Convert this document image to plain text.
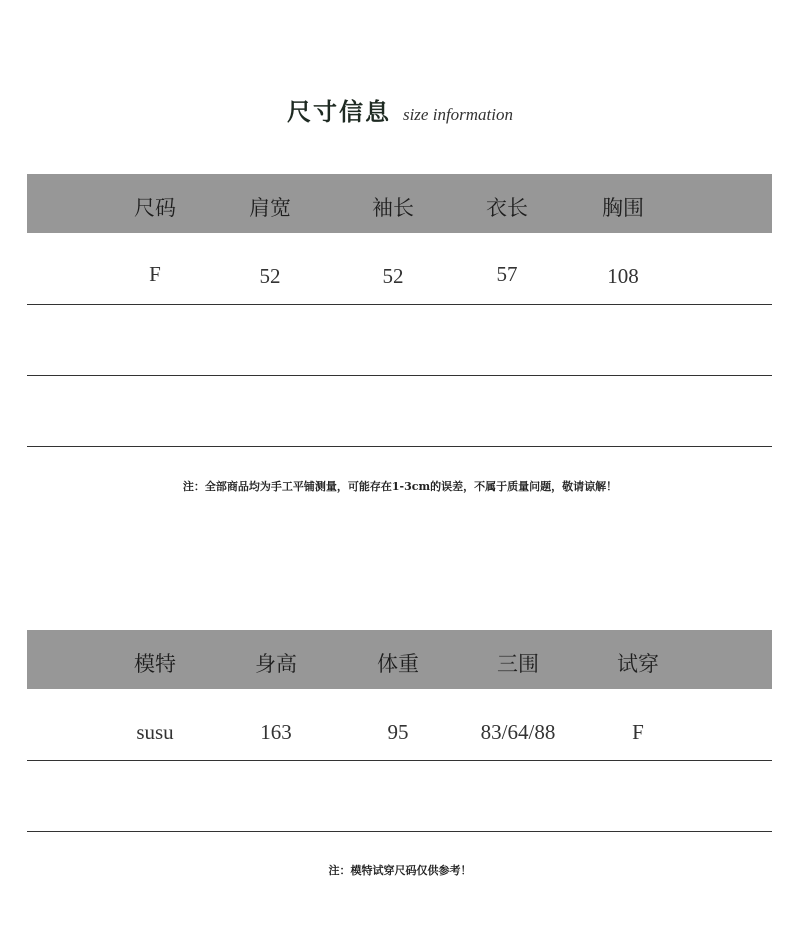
尺寸信息 size information
尺码	肩宽	袖长	衣长	胸围
F	52	52	57	108
注：全部商品均为手工平铺测量，可能存在1-3cm的误差，不属于质量问题，敬请谅解！
模特	身高	体重	三围	试穿
susu	163	95	83/64/88	F
注：模特试穿尺码仅供参考！
